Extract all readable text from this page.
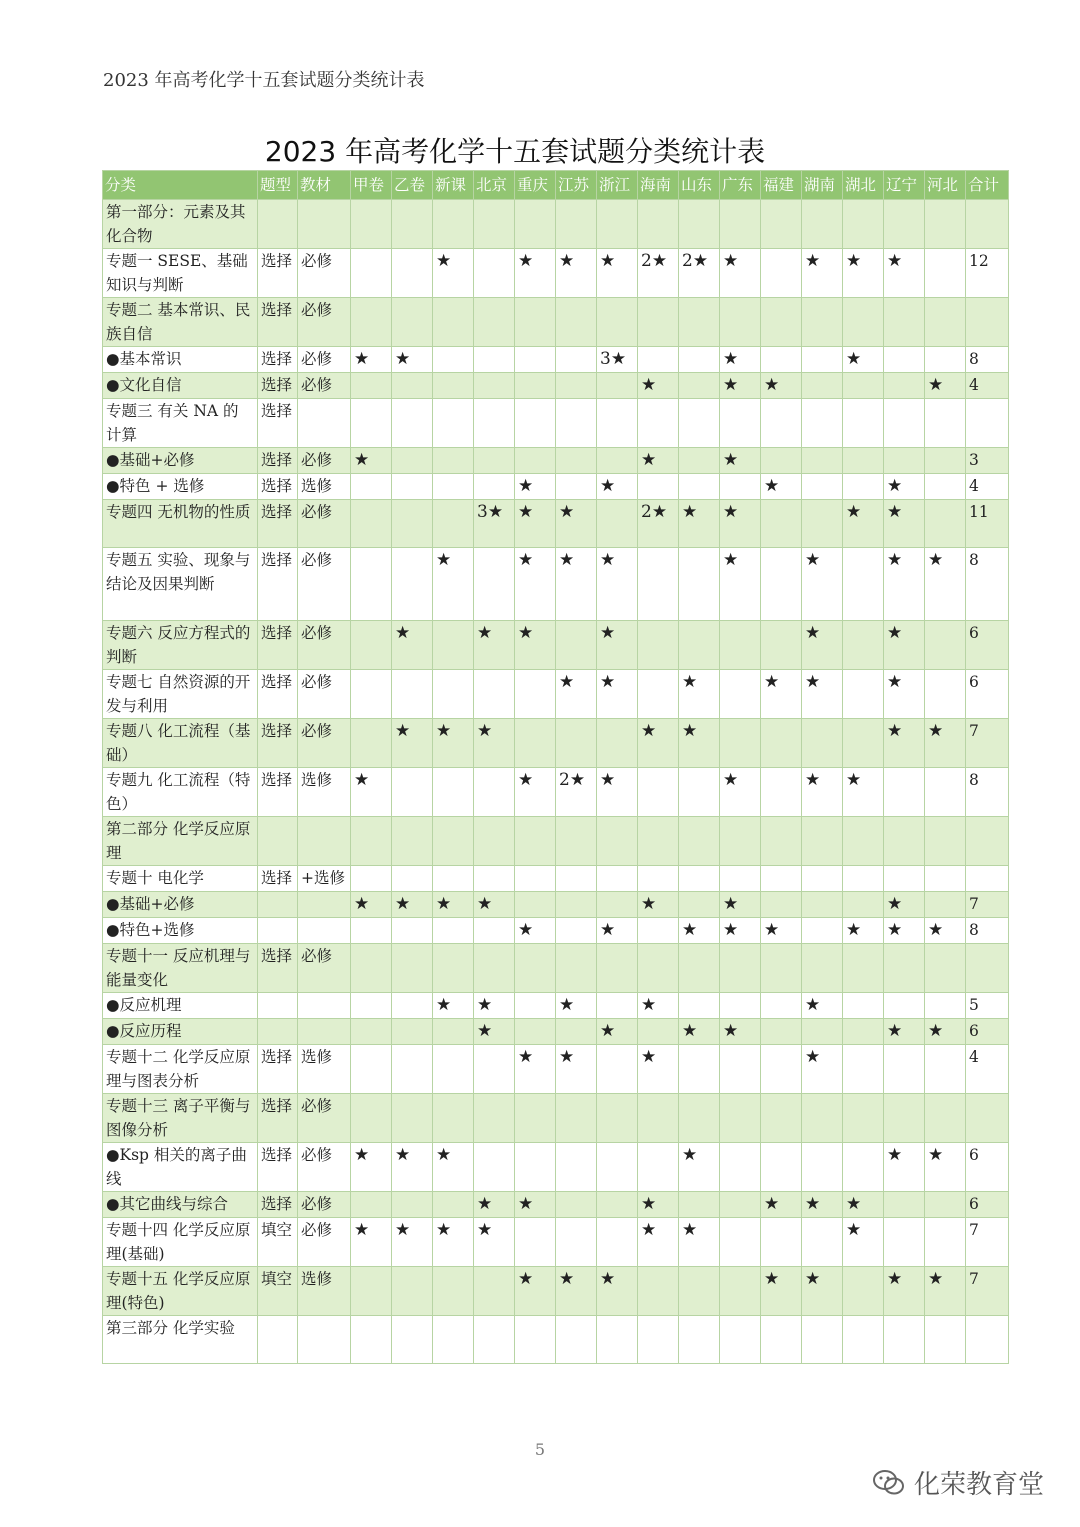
2023 年高考化学十五套试题分类统计表
2023 年高考化学十五套试题分类统计表
分类	题型	教材	甲卷	乙卷	新课	北京	重庆	江苏	浙江	海南	山东	广东	福建	湖南	湖北	辽宁	河北	合计
第一部分：元素及其化合物																		
专题一 SESE、基础知识与判断	选择	必修			★		★	★	★	2★	2★	★		★	★	★		12
专题二 基本常识、民族自信	选择	必修																
●基本常识	选择	必修	★	★					3★			★			★			8
●文化自信	选择	必修								★		★	★				★	4
专题三 有关 NA 的计算	选择																	
●基础+必修	选择	必修	★							★		★						3
●特色 + 选修	选择	选修					★		★				★			★		4
专题四 无机物的性质	选择	必修				3★	★	★		2★	★	★			★	★		11
专题五 实验、现象与结论及因果判断	选择	必修			★		★	★	★			★		★		★	★	8
专题六 反应方程式的判断	选择	必修		★		★	★		★					★		★		6
专题七 自然资源的开发与利用	选择	必修						★	★		★		★	★		★		6
专题八 化工流程（基础）	选择	必修		★	★	★				★	★					★	★	7
专题九 化工流程（特色）	选择	选修	★				★	2★	★			★		★	★			8
第二部分 化学反应原理																		
专题十 电化学	选择	+选修																
●基础+必修			★	★	★	★				★		★				★		7
●特色+选修							★		★		★	★	★		★	★	★	8
专题十一 反应机理与能量变化	选择	必修																
●反应机理					★	★		★		★				★				5
●反应历程						★			★		★	★				★	★	6
专题十二 化学反应原理与图表分析	选择	选修					★	★		★				★				4
专题十三 离子平衡与图像分析	选择	必修																
●Ksp 相关的离子曲线	选择	必修	★	★	★						★					★	★	6
●其它曲线与综合	选择	必修				★	★			★			★	★	★			6
专题十四 化学反应原理(基础)	填空	必修	★	★	★	★				★	★				★			7
专题十五 化学反应原理(特色)	填空	选修					★	★	★				★	★		★	★	7
第三部分 化学实验																		
5
化荣教育堂
